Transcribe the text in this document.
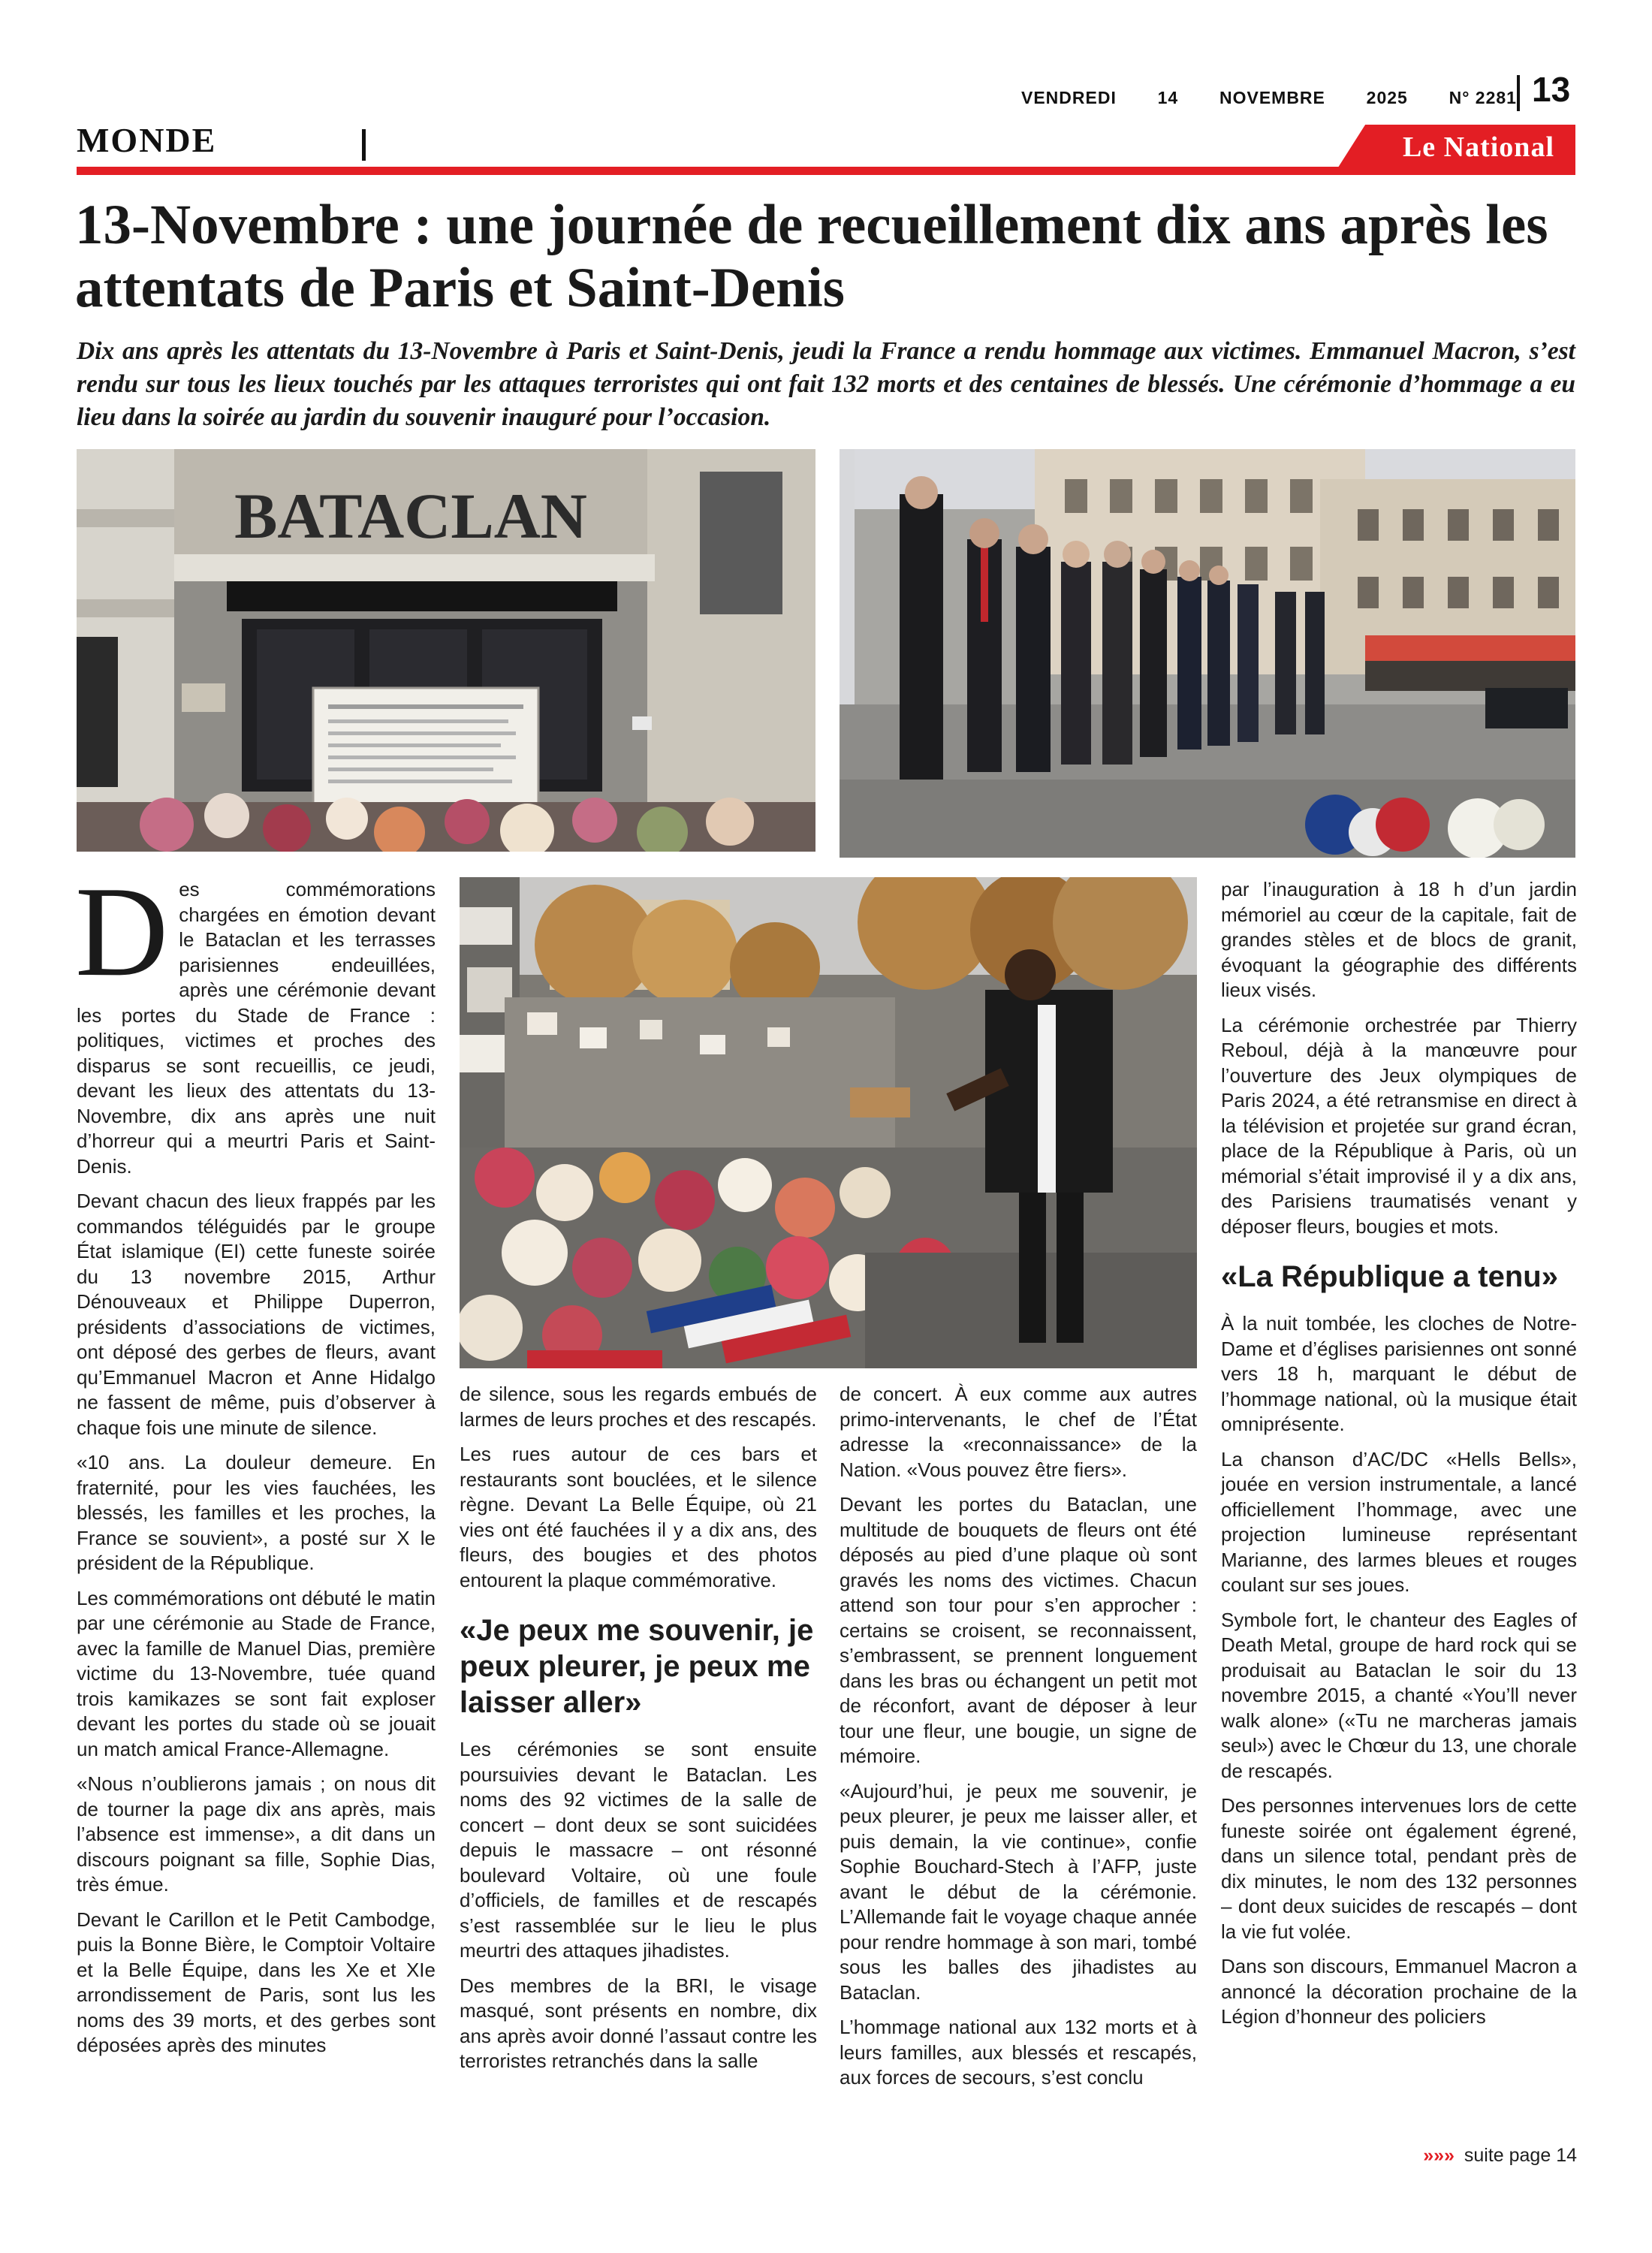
VENDREDI 14 NOVEMBRE 2025 N° 2281 13
MONDE	Le National
13-Novembre : une journée de recueillement dix ans après les attentats de Paris et Saint-Denis

Dix ans après les attentats du 13-Novembre à Paris et Saint-Denis, jeudi la France a rendu hommage aux victimes. Emmanuel Macron, s’est rendu sur tous les lieux touchés par les attaques terroristes qui ont fait 132 morts et des centaines de blessés. Une cérémonie d’hommage a eu lieu dans la soirée au jardin du souvenir inauguré pour l’occasion.

BATACLAN

Des commémorations chargées en émotion devant le Bataclan et les terrasses parisiennes endeuillées, après une cérémonie devant les portes du Stade de France : politiques, victimes et proches des disparus se sont recueillis, ce jeudi, devant les lieux des attentats du 13-Novembre, dix ans après une nuit d’horreur qui a meurtri Paris et Saint-Denis.

Devant chacun des lieux frappés par les commandos téléguidés par le groupe État islamique (EI) cette funeste soirée du 13 novembre 2015, Arthur Dénouveaux et Philippe Duperron, présidents d’associations de victimes, ont déposé des gerbes de fleurs, avant qu’Emmanuel Macron et Anne Hidalgo ne fassent de même, puis d’observer à chaque fois une minute de silence.

«10 ans. La douleur demeure. En fraternité, pour les vies fauchées, les blessés, les familles et les proches, la France se souvient», a posté sur X le président de la République.

Les commémorations ont débuté le matin par une cérémonie au Stade de France, avec la famille de Manuel Dias, première victime du 13-Novembre, tuée quand trois kamikazes se sont fait exploser devant les portes du stade où se jouait un match amical France-Allemagne.

«Nous n’oublierons jamais ; on nous dit de tourner la page dix ans après, mais l’absence est immense», a dit dans un discours poignant sa fille, Sophie Dias, très émue.

Devant le Carillon et le Petit Cambodge, puis la Bonne Bière, le Comptoir Voltaire et la Belle Équipe, dans les Xe et XIe arrondissement de Paris, sont lus les noms des 39 morts, et des gerbes sont déposées après des minutes

de silence, sous les regards embués de larmes de leurs proches et des rescapés.

Les rues autour de ces bars et restaurants sont bouclées, et le silence règne. Devant La Belle Équipe, où 21 vies ont été fauchées il y a dix ans, des fleurs, des bougies et des photos entourent la plaque commémorative.

«Je peux me souvenir, je peux pleurer, je peux me laisser aller»

Les cérémonies se sont ensuite poursuivies devant le Bataclan. Les noms des 92 victimes de la salle de concert – dont deux se sont suicidées depuis le massacre – ont résonné boulevard Voltaire, où une foule d’officiels, de familles et de rescapés s’est rassemblée sur le lieu le plus meurtri des attaques jihadistes.

Des membres de la BRI, le visage masqué, sont présents en nombre, dix ans après avoir donné l’assaut contre les terroristes retranchés dans la salle

de concert. À eux comme aux autres primo-intervenants, le chef de l’État adresse la «reconnaissance» de la Nation. «Vous pouvez être fiers».

Devant les portes du Bataclan, une multitude de bouquets de fleurs ont été déposés au pied d’une plaque où sont gravés les noms des victimes. Chacun attend son tour pour s’en approcher : certains se croisent, se reconnaissent, s’embrassent, se prennent longuement dans les bras ou échangent un petit mot de réconfort, avant de déposer à leur tour une fleur, une bougie, un signe de mémoire.

«Aujourd’hui, je peux me souvenir, je peux pleurer, je peux me laisser aller, et puis demain, la vie continue», confie Sophie Bouchard-Stech à l’AFP, juste avant le début de la cérémonie. L’Allemande fait le voyage chaque année pour rendre hommage à son mari, tombé sous les balles des jihadistes au Bataclan.

L’hommage national aux 132 morts et à leurs familles, aux blessés et rescapés, aux forces de secours, s’est conclu

par l’inauguration à 18 h d’un jardin mémoriel au cœur de la capitale, fait de grandes stèles et de blocs de granit, évoquant la géographie des différents lieux visés.

La cérémonie orchestrée par Thierry Reboul, déjà à la manœuvre pour l’ouverture des Jeux olympiques de Paris 2024, a été retransmise en direct à la télévision et projetée sur grand écran, place de la République à Paris, où un mémorial s’était improvisé il y a dix ans, des Parisiens traumatisés venant y déposer fleurs, bougies et mots.

«La République a tenu»

À la nuit tombée, les cloches de Notre-Dame et d’églises parisiennes ont sonné vers 18 h, marquant le début de l’hommage national, où la musique était omniprésente.

La chanson d’AC/DC «Hells Bells», jouée en version instrumentale, a lancé officiellement l’hommage, avec une projection lumineuse représentant Marianne, des larmes bleues et rouges coulant sur ses joues.

Symbole fort, le chanteur des Eagles of Death Metal, groupe de hard rock qui se produisait au Bataclan le soir du 13 novembre 2015, a chanté «You’ll never walk alone» («Tu ne marcheras jamais seul») avec le Chœur du 13, une chorale de rescapés.

Des personnes intervenues lors de cette funeste soirée ont également égrené, dans un silence total, pendant près de dix minutes, le nom des 132 personnes – dont deux suicides de rescapés – dont la vie fut volée.

Dans son discours, Emmanuel Macron a annoncé la décoration prochaine de la Légion d’honneur des policiers

»»» suite page 14
